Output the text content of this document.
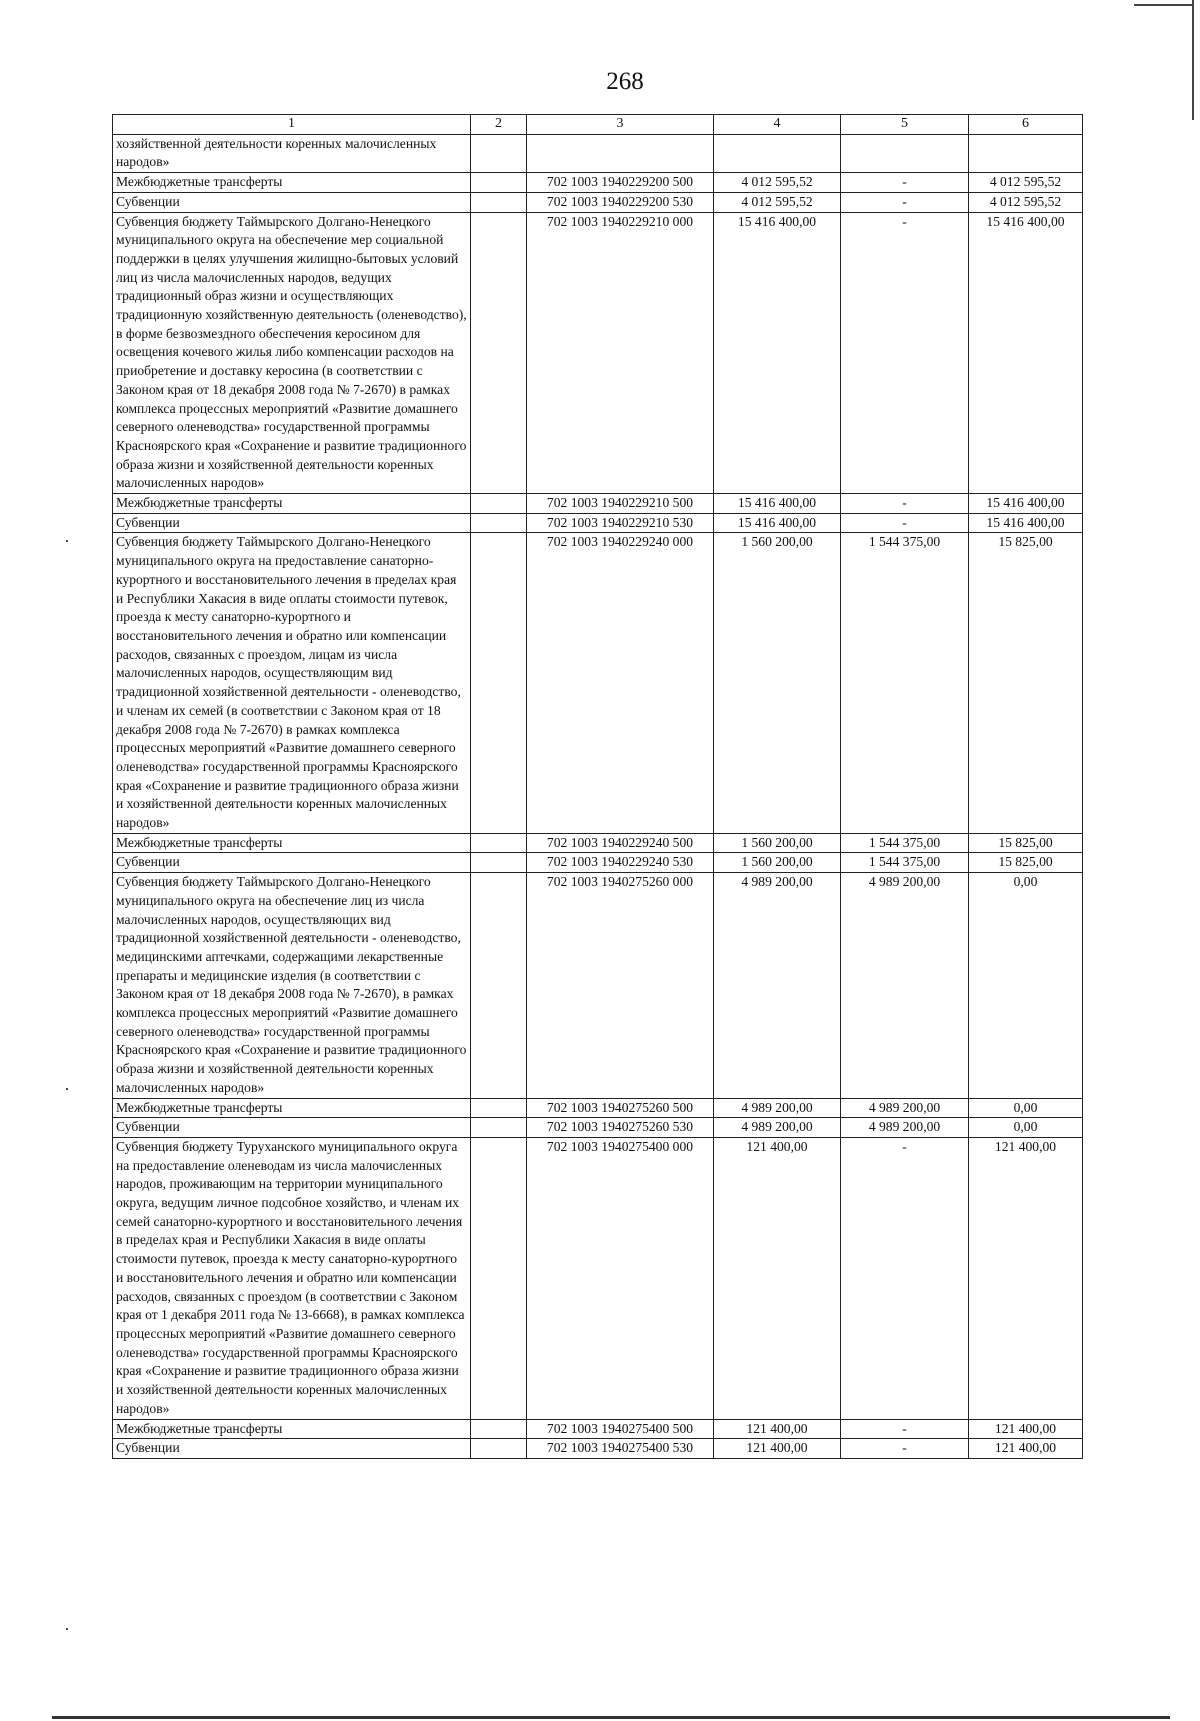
268
1	2	3	4	5	6
хозяйственной деятельности коренных малочисленных народов»					
Межбюджетные трансферты		702 1003 1940229200 500	4 012 595,52	-	4 012 595,52
Субвенции		702 1003 1940229200 530	4 012 595,52	-	4 012 595,52
Субвенция бюджету Таймырского Долгано-Ненецкого муниципального округа на обеспечение мер социальной поддержки в целях улучшения жилищно-бытовых условий лиц из числа малочисленных народов, ведущих традиционный образ жизни и осуществляющих традиционную хозяйственную деятельность (оленеводство), в форме безвозмездного обеспечения керосином для освещения кочевого жилья либо компенсации расходов на приобретение и доставку керосина (в соответствии с Законом края от 18 декабря 2008 года № 7-2670) в рамках комплекса процессных мероприятий «Развитие домашнего северного оленеводства» государственной программы Красноярского края «Сохранение и развитие традиционного образа жизни и хозяйственной деятельности коренных малочисленных народов»		702 1003 1940229210 000	15 416 400,00	-	15 416 400,00
Межбюджетные трансферты		702 1003 1940229210 500	15 416 400,00	-	15 416 400,00
Субвенции		702 1003 1940229210 530	15 416 400,00	-	15 416 400,00
Субвенция бюджету Таймырского Долгано-Ненецкого муниципального округа на предоставление санаторно-курортного и восстановительного лечения в пределах края и Республики Хакасия в виде оплаты стоимости путевок, проезда к месту санаторно-курортного и восстановительного лечения и обратно или компенсации расходов, связанных с проездом, лицам из числа малочисленных народов, осуществляющим вид традиционной хозяйственной деятельности - оленеводство, и членам их семей (в соответствии с Законом края от 18 декабря 2008 года № 7-2670) в рамках комплекса процессных мероприятий «Развитие домашнего северного оленеводства» государственной программы Красноярского края «Сохранение и развитие традиционного образа жизни и хозяйственной деятельности коренных малочисленных народов»		702 1003 1940229240 000	1 560 200,00	1 544 375,00	15 825,00
Межбюджетные трансферты		702 1003 1940229240 500	1 560 200,00	1 544 375,00	15 825,00
Субвенции		702 1003 1940229240 530	1 560 200,00	1 544 375,00	15 825,00
Субвенция бюджету Таймырского Долгано-Ненецкого муниципального округа на обеспечение лиц из числа малочисленных народов, осуществляющих вид традиционной хозяйственной деятельности - оленеводство, медицинскими аптечками, содержащими лекарственные препараты и медицинские изделия (в соответствии с Законом края от 18 декабря 2008 года № 7-2670), в рамках комплекса процессных мероприятий «Развитие домашнего северного оленеводства» государственной программы Красноярского края «Сохранение и развитие традиционного образа жизни и хозяйственной деятельности коренных малочисленных народов»		702 1003 1940275260 000	4 989 200,00	4 989 200,00	0,00
Межбюджетные трансферты		702 1003 1940275260 500	4 989 200,00	4 989 200,00	0,00
Субвенции		702 1003 1940275260 530	4 989 200,00	4 989 200,00	0,00
Субвенция бюджету Туруханского муниципального округа на предоставление оленеводам из числа малочисленных народов, проживающим на территории муниципального округа, ведущим личное подсобное хозяйство, и членам их семей санаторно-курортного и восстановительного лечения в пределах края и Республики Хакасия в виде оплаты стоимости путевок, проезда к месту санаторно-курортного и восстановительного лечения и обратно или компенсации расходов, связанных с проездом (в соответствии с Законом края от 1 декабря 2011 года № 13-6668), в рамках комплекса процессных мероприятий «Развитие домашнего северного оленеводства» государственной программы Красноярского края «Сохранение и развитие традиционного образа жизни и хозяйственной деятельности коренных малочисленных народов»		702 1003 1940275400 000	121 400,00	-	121 400,00
Межбюджетные трансферты		702 1003 1940275400 500	121 400,00	-	121 400,00
Субвенции		702 1003 1940275400 530	121 400,00	-	121 400,00
